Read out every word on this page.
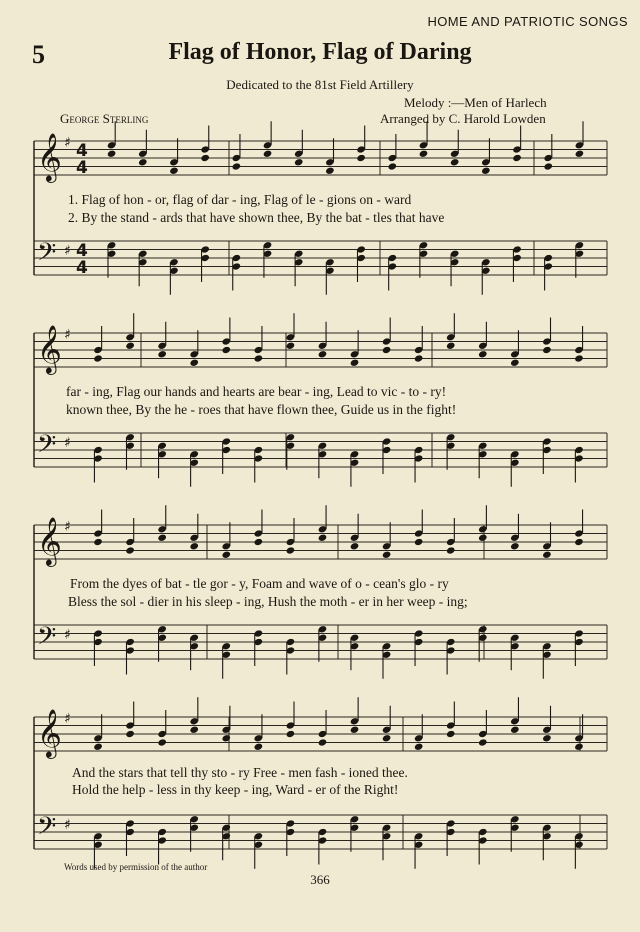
HOME AND PATRIOTIC SONGS
5	Flag of Honor, Flag of Daring
Dedicated to the 81st Field Artillery
Melody :—Men of Harlech
Arranged by C. Harold Lowden
George Sterling
𝄞 ♯ 4
4
𝄢 ♯ 4
4
𝄞 ♯
𝄢 ♯
𝄞 ♯
𝄢 ♯
𝄞 ♯
𝄢 ♯
1. Flag of hon - or, flag of dar - ing, Flag of le - gions on - ward
2. By the stand - ards that have shown thee, By the bat - tles that have
far - ing, Flag our hands and hearts are bear - ing, Lead to vic - to - ry!
known thee, By the he - roes that have flown thee, Guide us in the fight!
From the dyes of bat - tle gor - y, Foam and wave of o - cean's glo - ry
Bless the sol - dier in his sleep - ing, Hush the moth - er in her weep - ing;
And the stars that tell thy sto - ry Free - men fash - ioned thee.
Hold the help - less in thy keep - ing, Ward - er of the Right!
Words used by permission of the author
366
